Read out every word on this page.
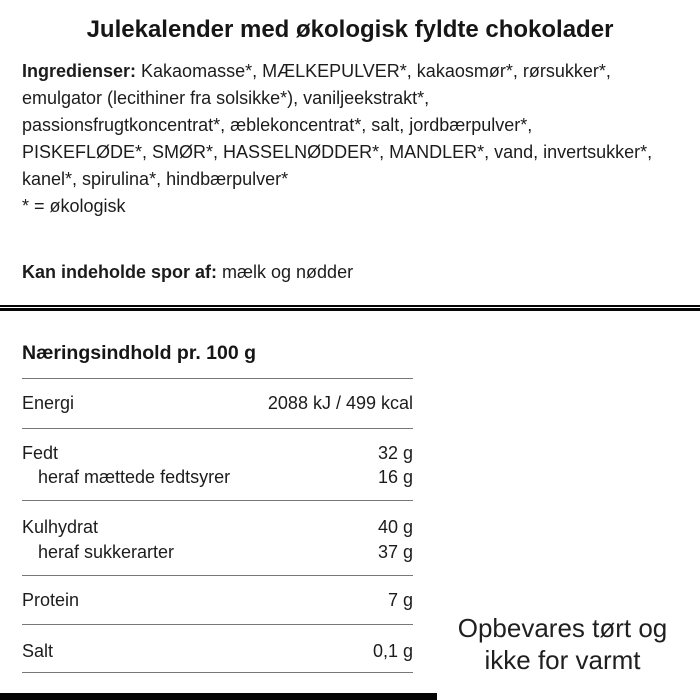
Julekalender med økologisk fyldte chokolader
Ingredienser: Kakaomasse*, MÆLKEPULVER*, kakaosmør*, rørsukker*,
emulgator (lecithiner fra solsikke*), vaniljeekstrakt*,
passionsfrugtkoncentrat*, æblekoncentrat*, salt, jordbærpulver*,
PISKEFLØDE*, SMØR*, HASSELNØDDER*, MANDLER*, vand, invertsukker*,
kanel*, spirulina*, hindbærpulver*
* = økologisk
Kan indeholde spor af: mælk og nødder
Næringsindhold pr. 100 g
Energi	2088 kJ / 499 kcal
Fedt	32 g
heraf mættede fedtsyrer	16 g
Kulhydrat	40 g
heraf sukkerarter	37 g
Protein	7 g
Salt	0,1 g
Opbevares tørt og
ikke for varmt
